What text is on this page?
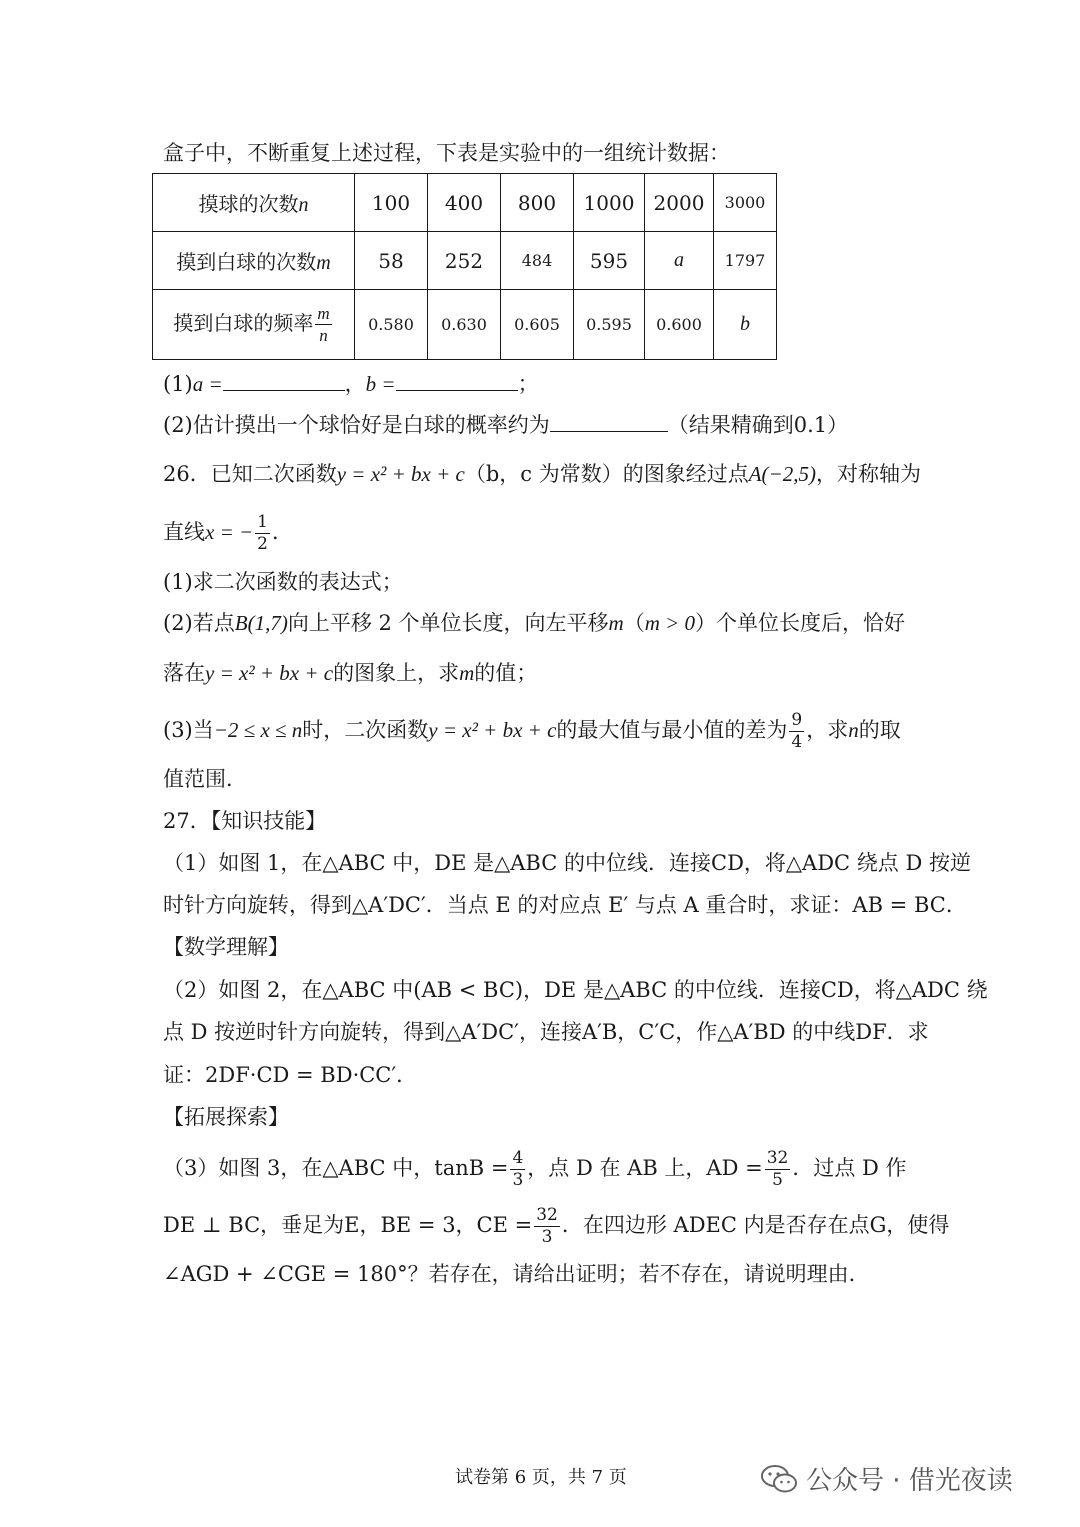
盒子中，不断重复上述过程，下表是实验中的一组统计数据：
摸球的次数n	100	400	800	1000	2000	3000
摸到白球的次数m	58	252	484	595	a	1797
摸到白球的频率 $\frac{m}{n}$	0.580	0.630	0.605	0.595	0.600	b
(1)a =	，b =	；
(2)估计摸出一个球恰好是白球的概率约为	（结果精确到0.1）
26．已知二次函数y = x² + bx + c（b，c 为常数）的图象经过点A(−2,5)，对称轴为
直线x = − $\frac{1}{2}$ ．
(1)求二次函数的表达式；
(2)若点B(1,7)向上平移 2 个单位长度，向左平移m（m > 0）个单位长度后，恰好
落在y = x² + bx + c的图象上，求m的值；
(3)当−2 ≤ x ≤ n时，二次函数y = x² + bx + c的最大值与最小值的差为 $\frac{9}{4}$ ，求n的取
值范围．
27．【知识技能】
（1）如图 1，在△ABC 中，DE 是△ABC 的中位线．连接CD，将△ADC 绕点 D 按逆
时针方向旋转，得到△A′DC′．当点 E 的对应点 E′ 与点 A 重合时，求证：AB = BC．
【数学理解】
（2）如图 2，在△ABC 中(AB < BC)，DE 是△ABC 的中位线．连接CD，将△ADC 绕
点 D 按逆时针方向旋转，得到△A′DC′，连接A′B，C′C，作△A′BD 的中线DF．求
证：2DF·CD = BD·CC′．
【拓展探索】
（3）如图 3，在△ABC 中，$\tan B = \frac{4}{3}$ ，点 D 在 AB 上，AD = $\frac{32}{5}$ ．过点 D 作
DE ⊥ BC，垂足为E，BE = 3，CE = $\frac{32}{3}$ ．在四边形 ADEC 内是否存在点G，使得
∠AGD + ∠CGE = 180°？若存在，请给出证明；若不存在，请说明理由．
试卷第 6 页，共 7 页	公众号 · 借光夜读
